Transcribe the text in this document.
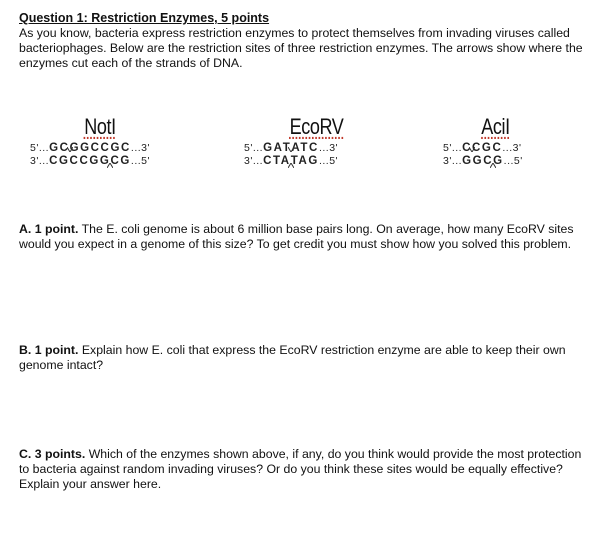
Question 1: Restriction Enzymes, 5 points
As you know, bacteria express restriction enzymes to protect themselves from invading viruses called bacteriophages. Below are the restriction sites of three restriction enzymes. The arrows show where the enzymes cut each of the strands of DNA.
NotI
5'...GC
GGCCGC...3'
3'...CGCCGG
CG...5'
EcoRV
5'...GAT
ATC...3'
3'...CTA
TAG...5'
AciI
5'...C
CGC...3'
3'...GGC
G...5'
A. 1 point. The E. coli genome is about 6 million base pairs long. On average, how many EcoRV sites would you expect in a genome of this size? To get credit you must show how you solved this problem.
B. 1 point. Explain how E. coli that express the EcoRV restriction enzyme are able to keep their own genome intact?
C. 3 points. Which of the enzymes shown above, if any, do you think would provide the most protection to bacteria against random invading viruses? Or do you think these sites would be equally effective? Explain your answer here.
